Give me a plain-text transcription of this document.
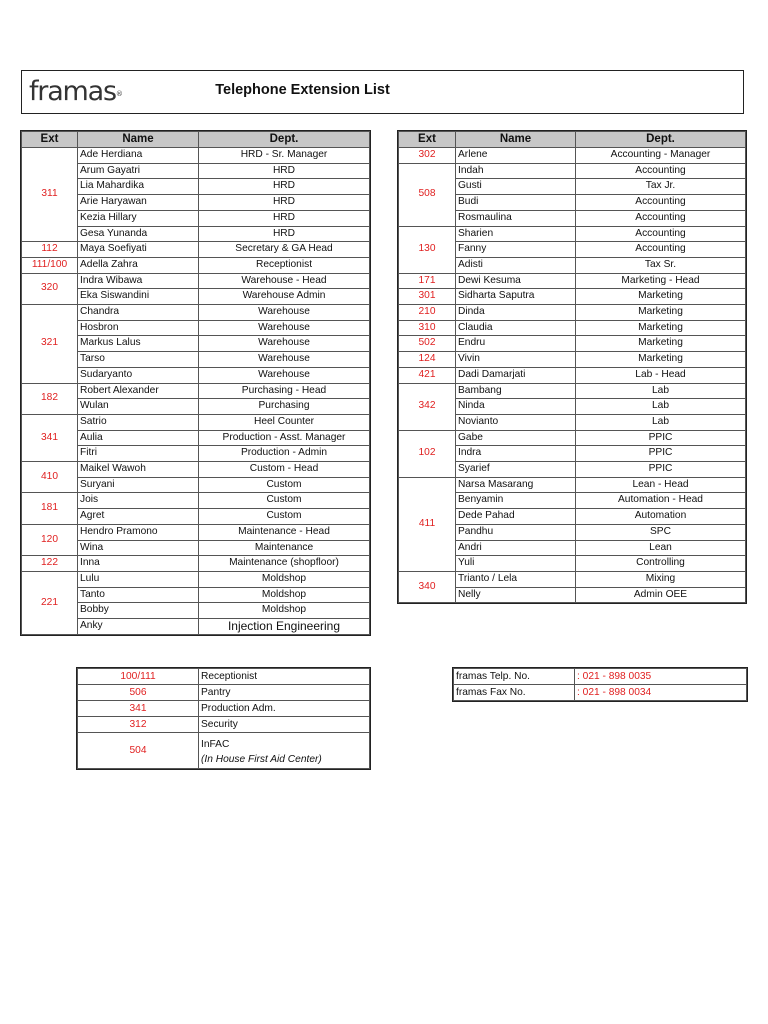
framas®	Telephone Extension List
Ext	Name	Dept.
311	Ade Herdiana	HRD - Sr. Manager
	Arum Gayatri	HRD
	Lia Mahardika	HRD
	Arie Haryawan	HRD
	Kezia Hillary	HRD
	Gesa Yunanda	HRD
112	Maya Soefiyati	Secretary & GA Head
111/100	Adella Zahra	Receptionist
320	Indra Wibawa	Warehouse - Head
	Eka Siswandini	Warehouse Admin
321	Chandra	Warehouse
	Hosbron	Warehouse
	Markus Lalus	Warehouse
	Tarso	Warehouse
	Sudaryanto	Warehouse
182	Robert Alexander	Purchasing - Head
	Wulan	Purchasing
341	Satrio	Heel Counter
	Aulia	Production - Asst. Manager
	Fitri	Production - Admin
410	Maikel Wawoh	Custom - Head
	Suryani	Custom
181	Jois	Custom
	Agret	Custom
120	Hendro Pramono	Maintenance - Head
	Wina	Maintenance
122	Inna	Maintenance (shopfloor)
221	Lulu	Moldshop
	Tanto	Moldshop
	Bobby	Moldshop
	Anky	Injection Engineering
Ext	Name	Dept.
302	Arlene	Accounting - Manager
508	Indah	Accounting
	Gusti	Tax Jr.
	Budi	Accounting
	Rosmaulina	Accounting
130	Sharien	Accounting
	Fanny	Accounting
	Adisti	Tax Sr.
171	Dewi Kesuma	Marketing - Head
301	Sidharta Saputra	Marketing
210	Dinda	Marketing
310	Claudia	Marketing
502	Endru	Marketing
124	Vivin	Marketing
421	Dadi Damarjati	Lab - Head
342	Bambang	Lab
	Ninda	Lab
	Novianto	Lab
102	Gabe	PPIC
	Indra	PPIC
	Syarief	PPIC
411	Narsa Masarang	Lean - Head
	Benyamin	Automation - Head
	Dede Pahad	Automation
	Pandhu	SPC
	Andri	Lean
	Yuli	Controlling
340	Trianto / Lela	Mixing
	Nelly	Admin OEE
100/111	Receptionist
506	Pantry
341	Production Adm.
312	Security
504	InFAC
(In House First Aid Center)
framas Telp. No.	: 021 - 898 0035
framas Fax No.	: 021 - 898 0034
